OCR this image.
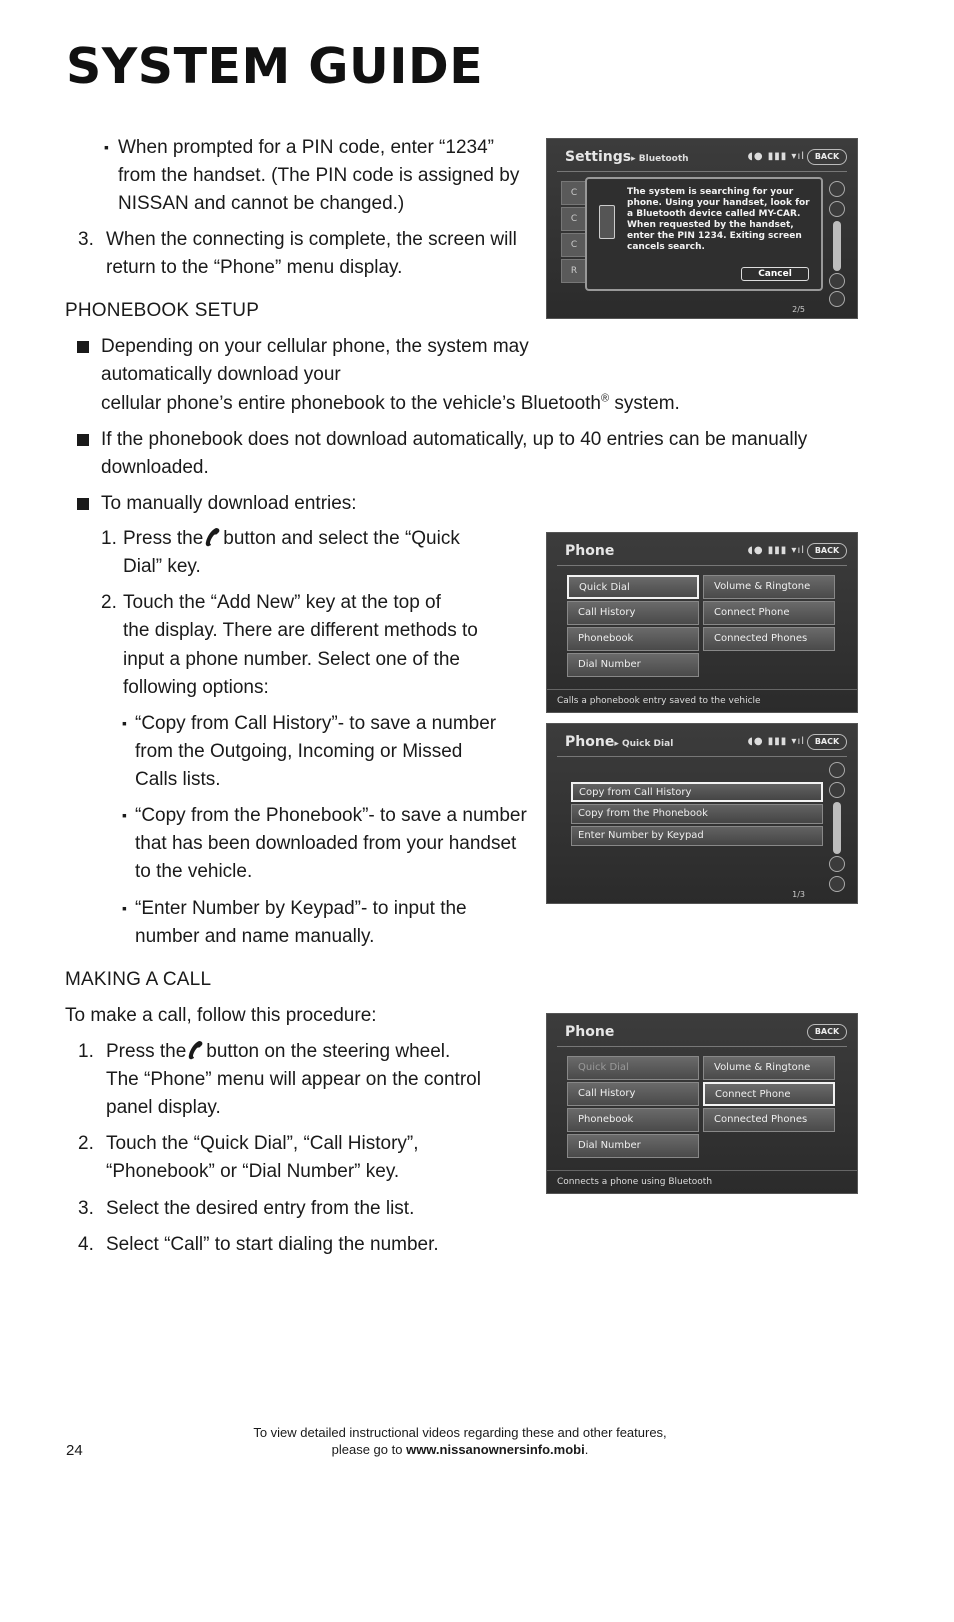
SYSTEM GUIDE
▪ When prompted for a PIN code, enter “1234”
from the handset. (The PIN code is assigned by
NISSAN and cannot be changed.)
3. When the connecting is complete, the screen will
return to the “Phone” menu display.
PHONEBOOK SETUP
Depending on your cellular phone, the system may
automatically download your
cellular phone’s entire phonebook to the vehicle’s Bluetooth® system.
If the phonebook does not download automatically, up to 40 entries can be manually
downloaded.
To manually download entries:
1. Press the button and select the “Quick
Dial” key.
2. Touch the “Add New” key at the top of
the display. There are different methods to
input a phone number. Select one of the
following options:
▪ “Copy from Call History”- to save a number
from the Outgoing, Incoming or Missed
Calls lists.
▪ “Copy from the Phonebook”- to save a number
that has been downloaded from your handset
to the vehicle.
▪ “Enter Number by Keypad”- to input the
number and name manually.
MAKING A CALL
To make a call, follow this procedure:
1. Press the button on the steering wheel.
The “Phone” menu will appear on the control
panel display.
2. Touch the “Quick Dial”, “Call History”,
“Phonebook” or “Dial Number” key.
3. Select the desired entry from the list.
4. Select “Call” to start dialing the number.
Settings▸ Bluetooth	◖● ▮▮▮ ▾ıl	BACK
C
C
C
R
The system is searching for your phone. Using your handset, look for a Bluetooth device called MY-CAR. When requested by the handset, enter the PIN 1234. Exiting screen cancels search.
Cancel
2/5
Phone	◖● ▮▮▮ ▾ıl	BACK
Quick Dial
Call History
Phonebook
Dial Number
Volume & Ringtone
Connect Phone
Connected Phones
Calls a phonebook entry saved to the vehicle
Phone▸ Quick Dial	◖● ▮▮▮ ▾ıl	BACK
Copy from Call History
Copy from the Phonebook
Enter Number by Keypad
1/3
Phone	BACK
Quick Dial
Call History
Phonebook
Dial Number
Volume & Ringtone
Connect Phone
Connected Phones
Connects a phone using Bluetooth
To view detailed instructional videos regarding these and other features,
please go to www.nissanownersinfo.mobi.
24
